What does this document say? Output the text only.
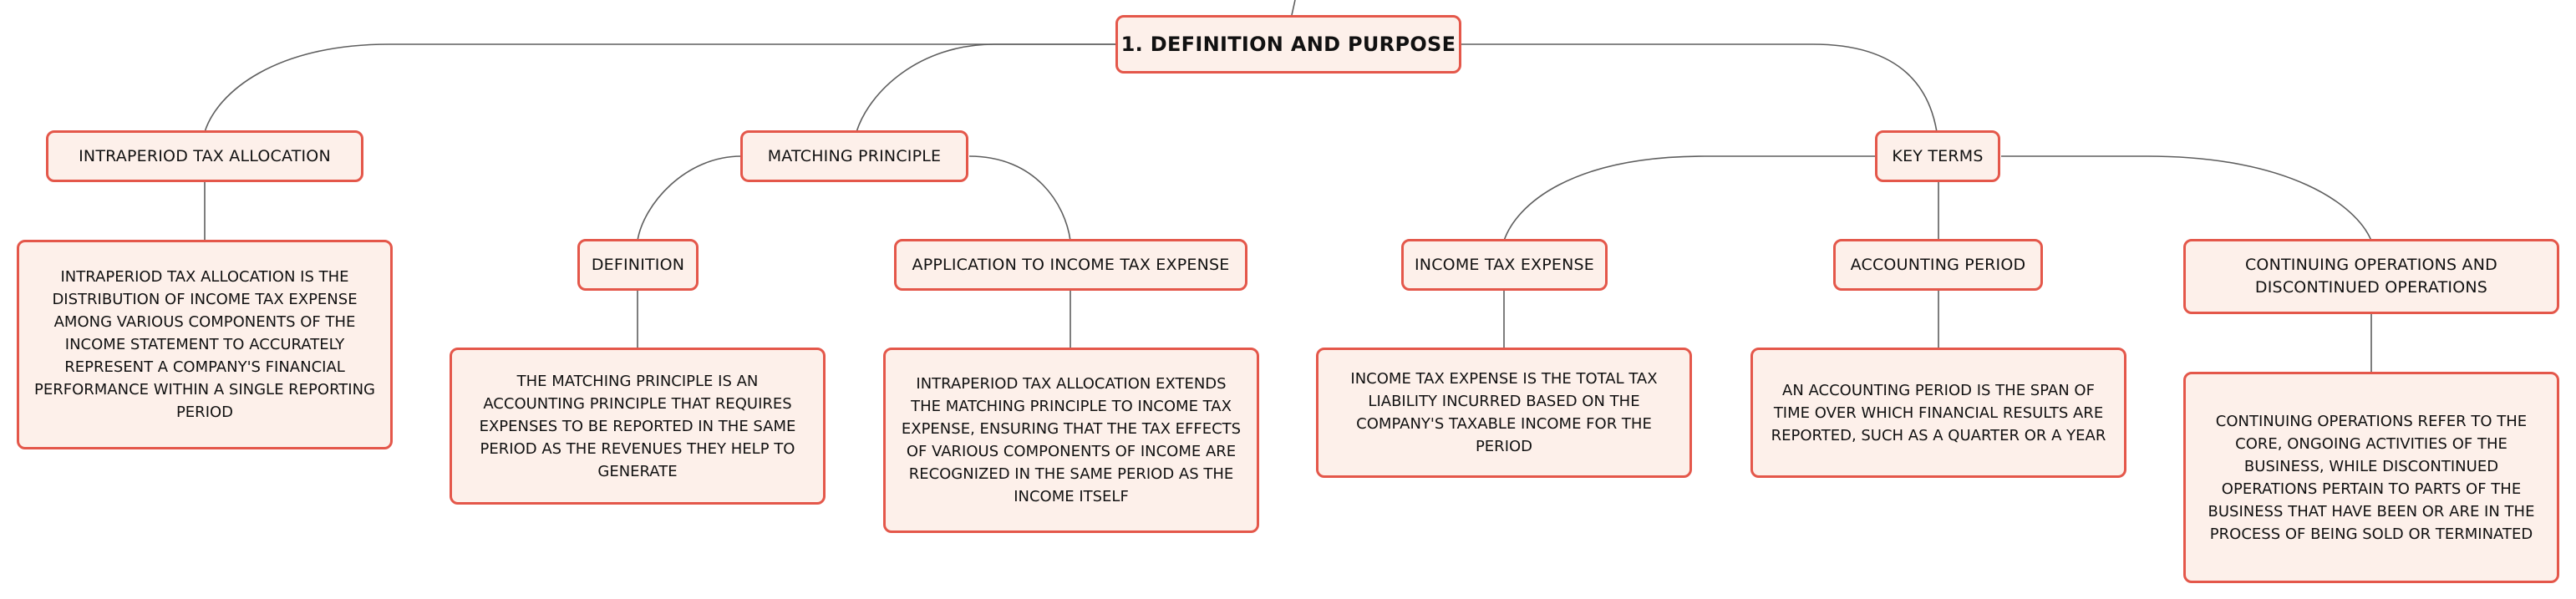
1. DEFINITION AND PURPOSE
INTRAPERIOD TAX ALLOCATION
INTRAPERIOD TAX ALLOCATION IS THE DISTRIBUTION OF INCOME TAX EXPENSE AMONG VARIOUS COMPONENTS OF THE INCOME STATEMENT TO ACCURATELY REPRESENT A COMPANY'S FINANCIAL PERFORMANCE WITHIN A SINGLE REPORTING PERIOD
MATCHING PRINCIPLE
DEFINITION
THE MATCHING PRINCIPLE IS AN ACCOUNTING PRINCIPLE THAT REQUIRES EXPENSES TO BE REPORTED IN THE SAME PERIOD AS THE REVENUES THEY HELP TO GENERATE
APPLICATION TO INCOME TAX EXPENSE
INTRAPERIOD TAX ALLOCATION EXTENDS THE MATCHING PRINCIPLE TO INCOME TAX EXPENSE, ENSURING THAT THE TAX EFFECTS OF VARIOUS COMPONENTS OF INCOME ARE RECOGNIZED IN THE SAME PERIOD AS THE INCOME ITSELF
KEY TERMS
INCOME TAX EXPENSE
INCOME TAX EXPENSE IS THE TOTAL TAX LIABILITY INCURRED BASED ON THE COMPANY'S TAXABLE INCOME FOR THE PERIOD
ACCOUNTING PERIOD
AN ACCOUNTING PERIOD IS THE SPAN OF TIME OVER WHICH FINANCIAL RESULTS ARE REPORTED, SUCH AS A QUARTER OR A YEAR
CONTINUING OPERATIONS AND DISCONTINUED OPERATIONS
CONTINUING OPERATIONS REFER TO THE CORE, ONGOING ACTIVITIES OF THE BUSINESS, WHILE DISCONTINUED OPERATIONS PERTAIN TO PARTS OF THE BUSINESS THAT HAVE BEEN OR ARE IN THE PROCESS OF BEING SOLD OR TERMINATED
